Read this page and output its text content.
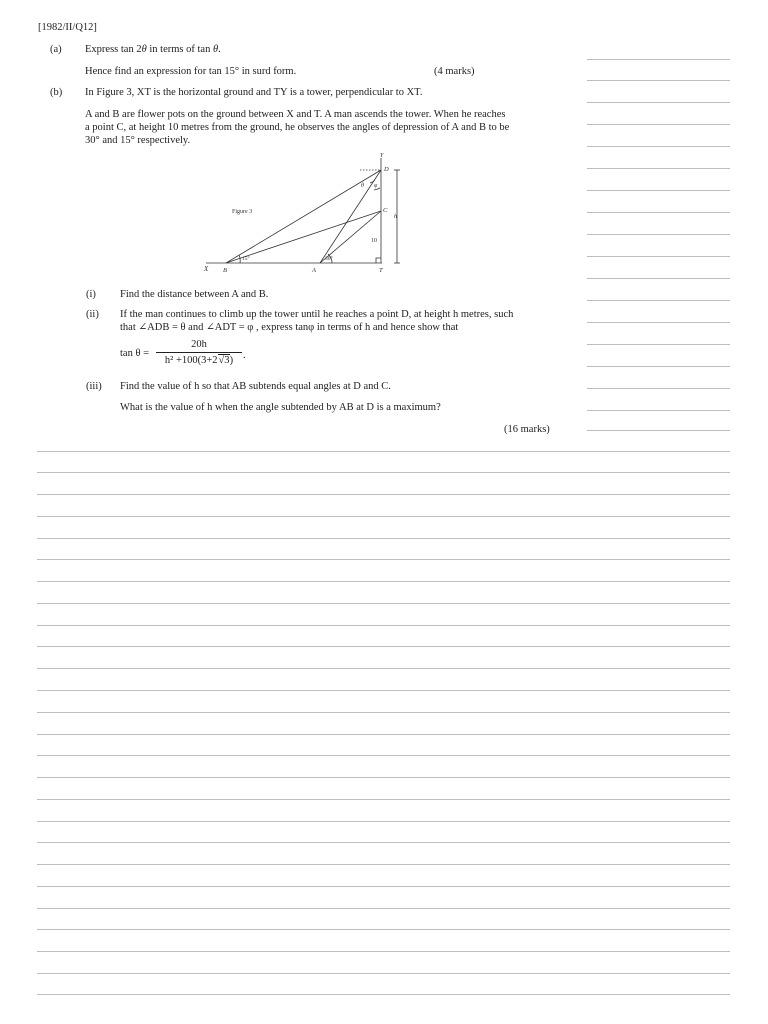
[1982/II/Q12]
(a) Express tan 2θ in terms of tan θ.
Hence find an expression for tan 15° in surd form.	(4 marks)
(b) In Figure 3, XT is the horizontal ground and TY is a tower, perpendicular to XT.
A and B are flower pots on the ground between X and T. A man ascends the tower. When he reaches
a point C, at height 10 metres from the ground, he observes the angles of depression of A and B to be
30° and 15° respectively.
Figure 3
X B	A	T
Y
D
C
h
10
θ φ
15°	30°
(i) Find the distance between A and B.
(ii) If the man continues to climb up the tower until he reaches a point D, at height h metres, such
that ∠ADB = θ and ∠ADT = φ , express tanφ in terms of h and hence show that
tan θ =
20h
h² +100(3+2√3) .
(iii) Find the value of h so that AB subtends equal angles at D and C.
What is the value of h when the angle subtended by AB at D is a maximum?
(16 marks)
